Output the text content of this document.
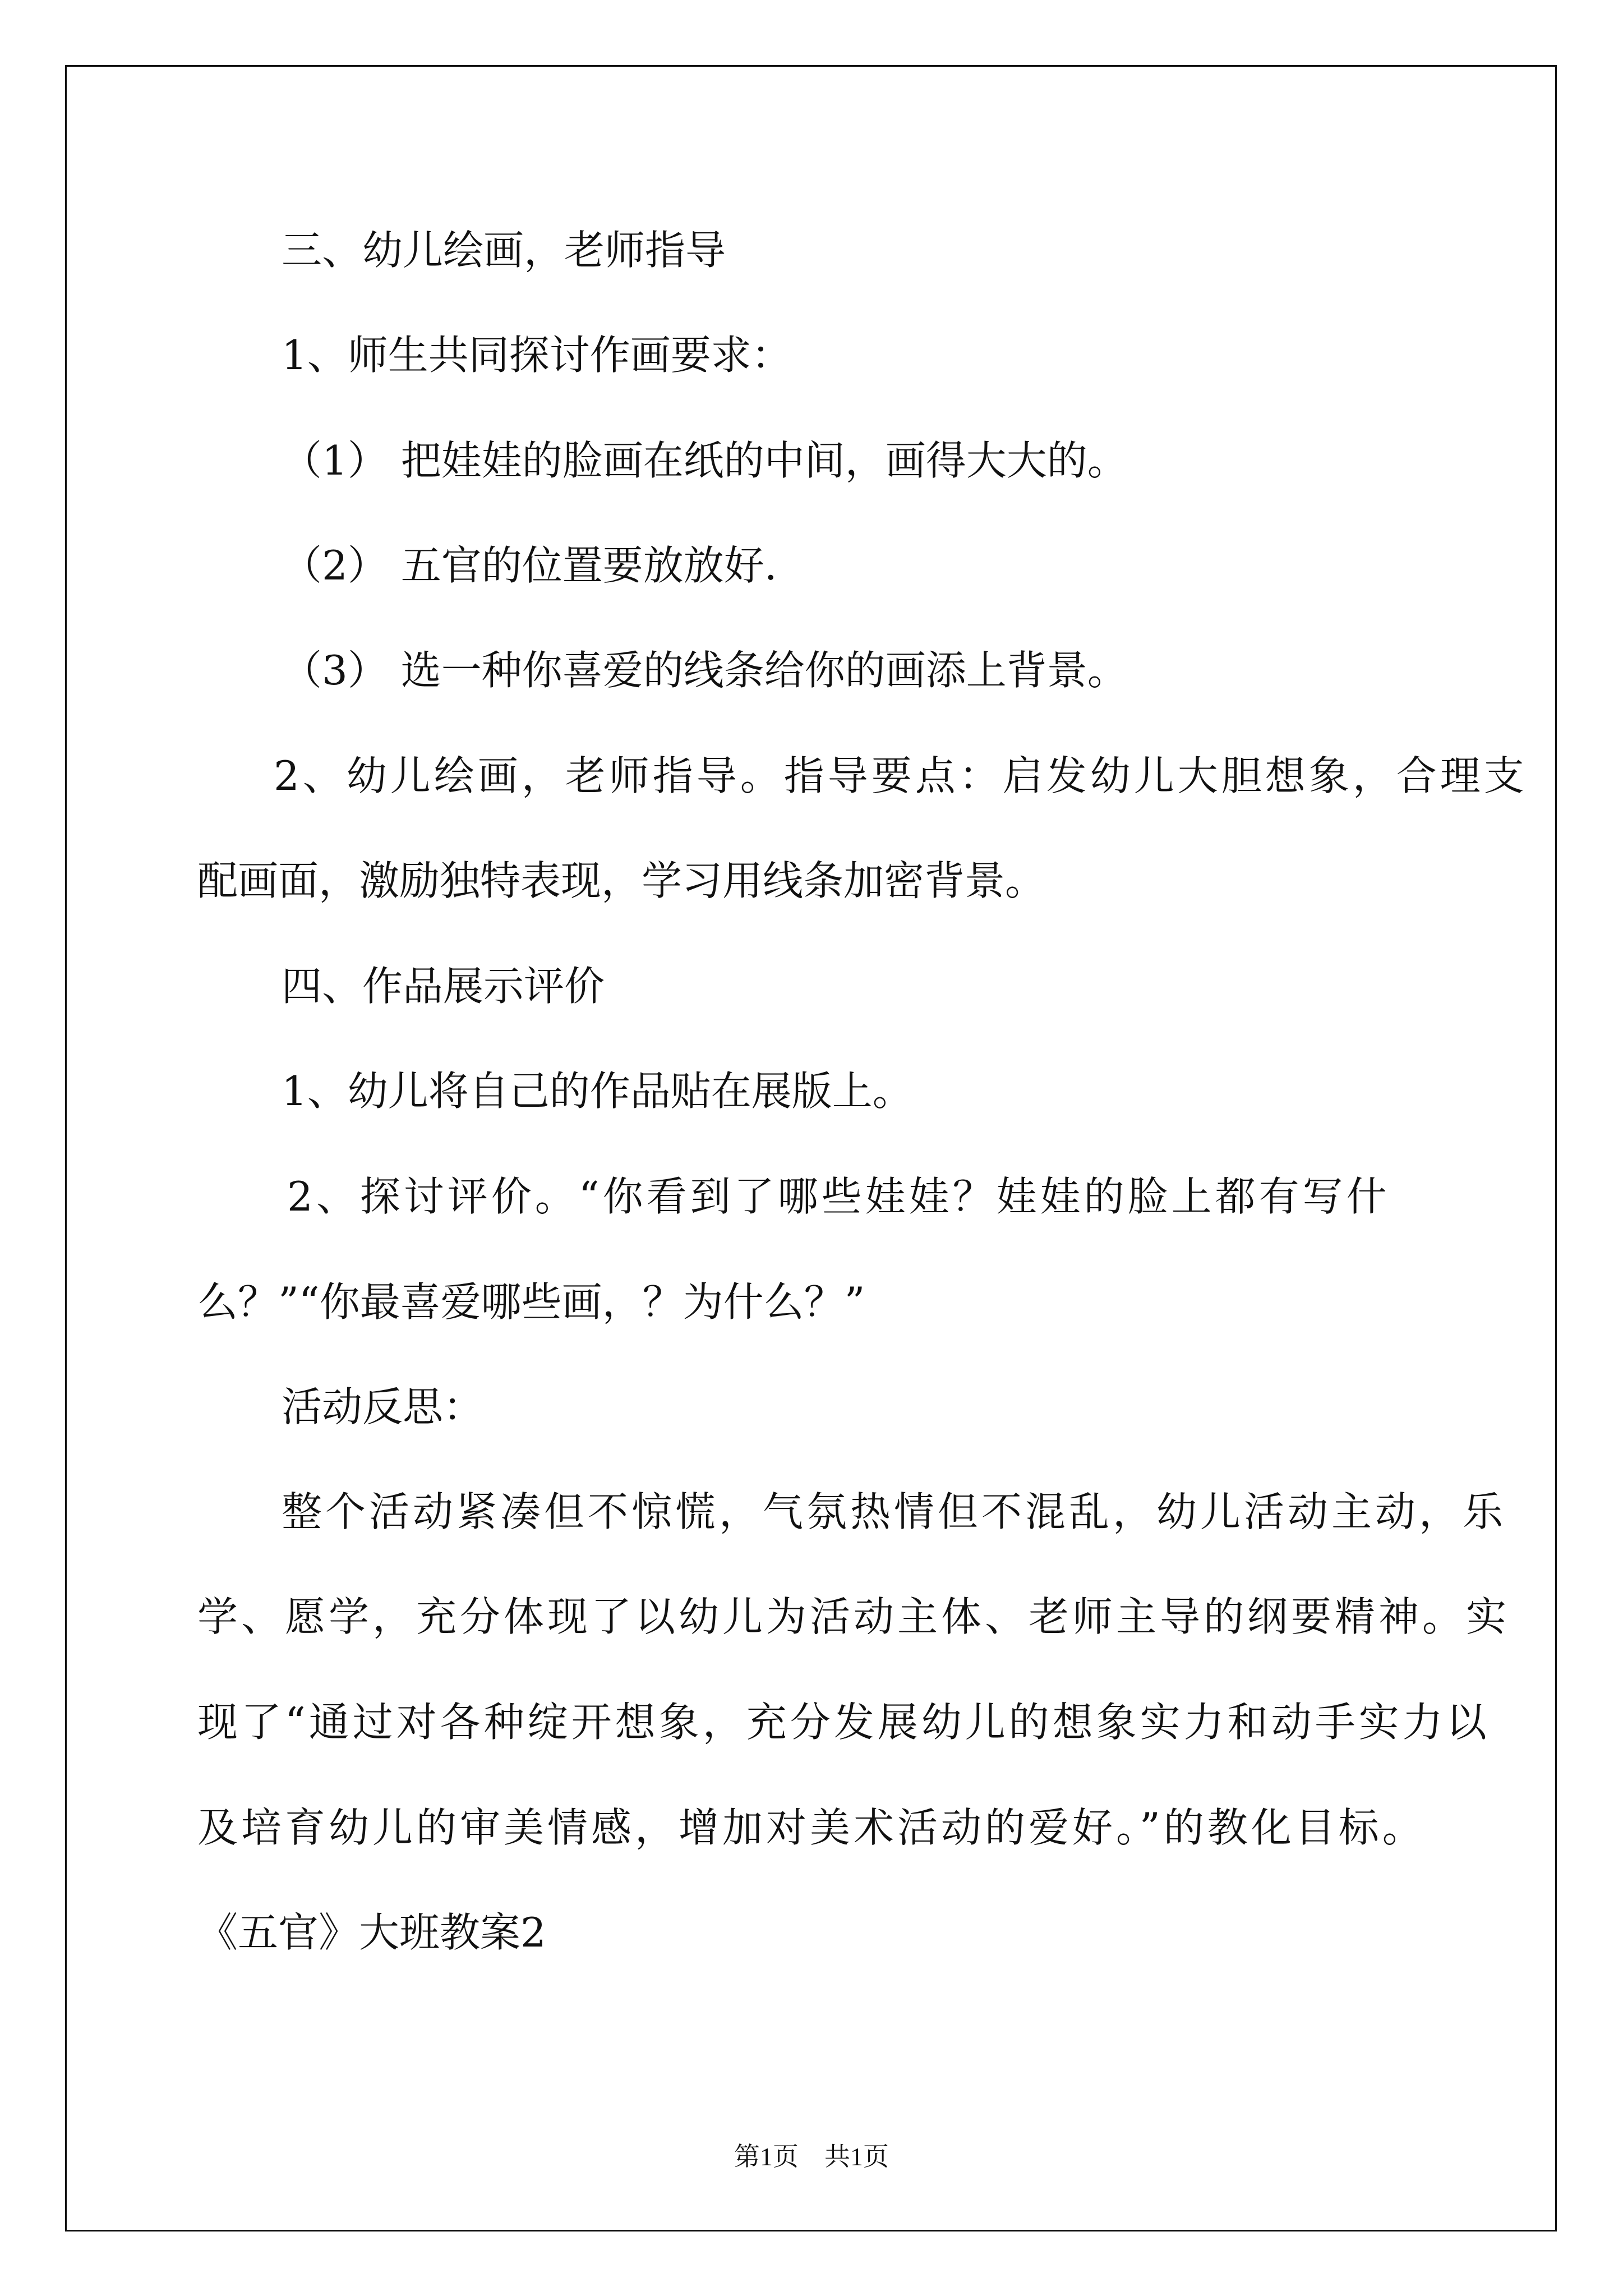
三、幼儿绘画，老师指导
1、师生共同探讨作画要求：
（1） 把娃娃的脸画在纸的中间，画得大大的。
（2） 五官的位置要放放好.
（3） 选一种你喜爱的线条给你的画添上背景。
2、幼儿绘画，老师指导。指导要点：启发幼儿大胆想象，合理支
配画面，激励独特表现，学习用线条加密背景。
四、作品展示评价
1、幼儿将自己的作品贴在展版上。
2、探讨评价。“你看到了哪些娃娃？娃娃的脸上都有写什
么？”“你最喜爱哪些画，？为什么？”
活动反思：
整个活动紧凑但不惊慌，气氛热情但不混乱，幼儿活动主动，乐
学、愿学，充分体现了以幼儿为活动主体、老师主导的纲要精神。实
现了“通过对各种绽开想象，充分发展幼儿的想象实力和动手实力以
及培育幼儿的审美情感，增加对美术活动的爱好。”的教化目标。
《五官》大班教案2
第1页　共1页
